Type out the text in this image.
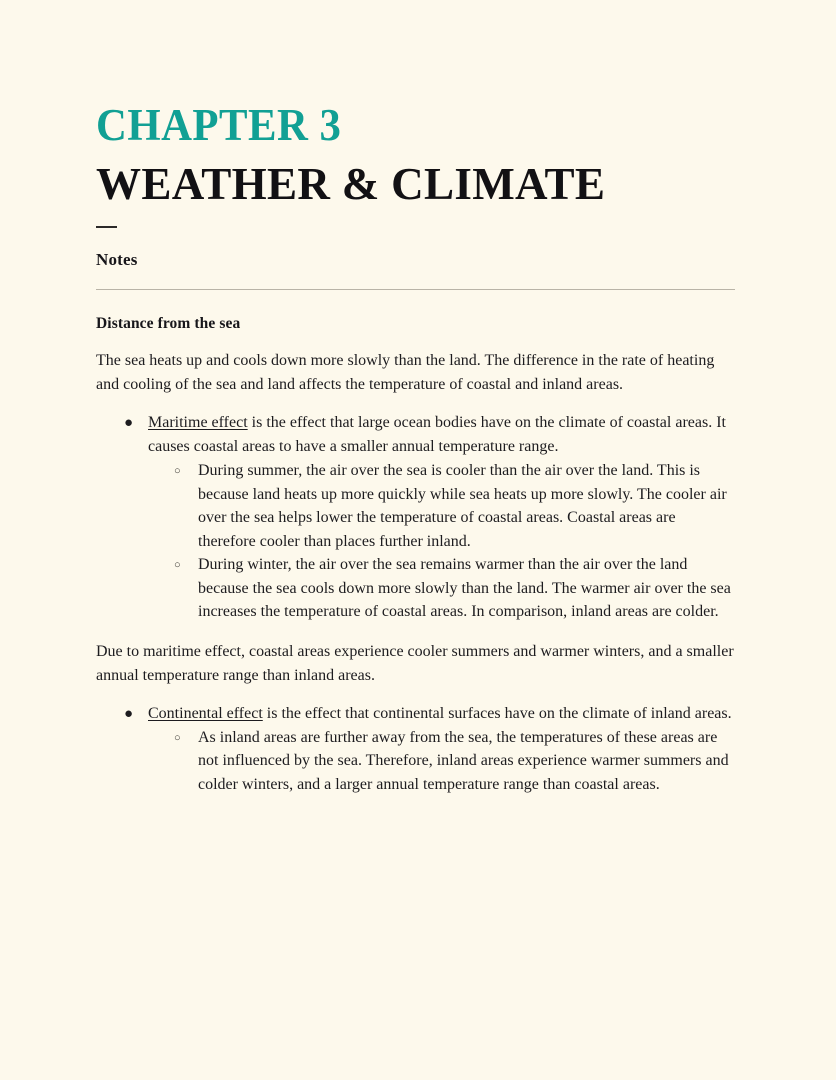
CHAPTER 3
WEATHER & CLIMATE
Notes
Distance from the sea

The sea heats up and cools down more slowly than the land. The difference in the rate of heating and cooling of the sea and land affects the temperature of coastal and inland areas.

● Maritime effect is the effect that large ocean bodies have on the climate of coastal areas. It causes coastal areas to have a smaller annual temperature range.
○ During summer, the air over the sea is cooler than the air over the land. This is because land heats up more quickly while sea heats up more slowly. The cooler air over the sea helps lower the temperature of coastal areas. Coastal areas are therefore cooler than places further inland.
○ During winter, the air over the sea remains warmer than the air over the land because the sea cools down more slowly than the land. The warmer air over the sea increases the temperature of coastal areas. In comparison, inland areas are colder.

Due to maritime effect, coastal areas experience cooler summers and warmer winters, and a smaller annual temperature range than inland areas.

● Continental effect is the effect that continental surfaces have on the climate of inland areas.
○ As inland areas are further away from the sea, the temperatures of these areas are not influenced by the sea. Therefore, inland areas experience warmer summers and colder winters, and a larger annual temperature range than coastal areas.
